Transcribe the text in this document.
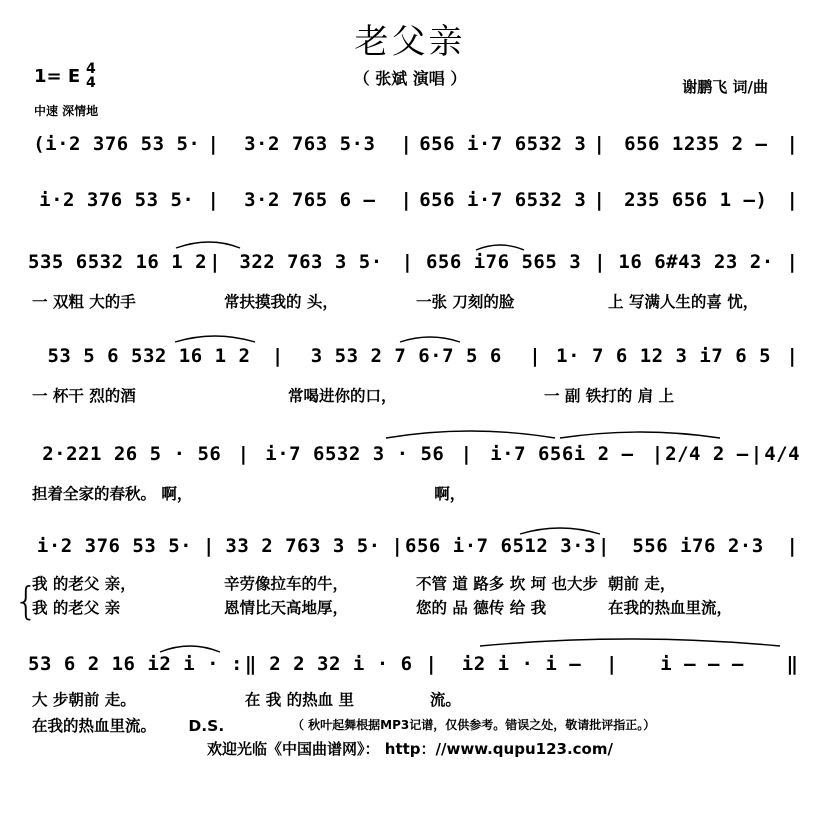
老父亲
1= E 4
4	（ 张斌 演唱 ）	谢鹏飞 词/曲
中速 深情地
(i·2 376 53 5· |	3·2 763 5·3	| 656 i·7 6532 3 |	656 1235 2 –	|
i·2 376 53 5· |	3·2 765 6 –	| 656 i·7 6532 3 |	235 656 1 –)	|
535 6532 16 1 2 | 322 763 3 5· | 656 i76 565 3 | 16 6#43 23 2· |
一 双粗 大的手	常扶摸我的 头，	一张 刀刻的脸	上 写满人生的喜 忧，
53 5 6 532 16 1 2	|	3 53 2 7 6·7 5 6	| 1· 7 6 12 3 i7 6 5 |
一 杯干 烈的酒	常喝进你的口，	一 副 铁打的 肩 上
2·221 26 5 · 56 | i·7 6532 3 · 56 | i·7 656i 2 – | 2/4 2 – | 4/4
担着全家的春秋。 啊，	啊，
i·2 376 53 5· | 33 2 763 3 5· | 656 i·7 6512 3·3 |	556 i76 2·3	|
{
我 的老父 亲，	辛劳像拉车的牛，	不管 道 路多 坎 坷 也大步 朝前 走，
我 的老父 亲	恩情比天高地厚，	您的 品 德传 给 我	在我的热血里流，
53 6 2 16 i2 i · : ‖ 2 2 32 i · 6 |	i2 i · i –	|	i – – –	‖
大 步朝前 走。	在 我 的热血 里	流。
在我的热血里流。 D.S.	（ 秋叶起舞根据MP3记谱，仅供参考。错误之处，敬请批评指正。）
欢迎光临《中国曲谱网》： http：//www.qupu123.com/
